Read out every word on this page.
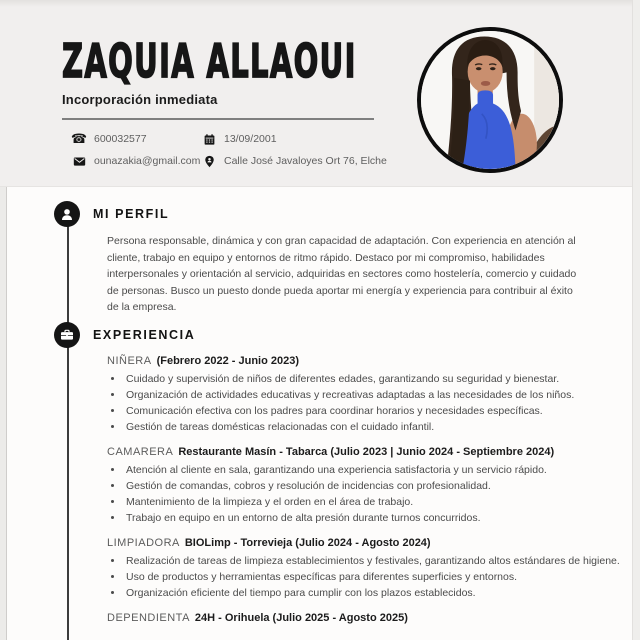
ZAQUIA ALLAOUI
Incorporación inmediata
☎ 600032577	13/09/2001
ounazakia@gmail.com Calle José Javaloyes Ort 76, Elche
MI PERFIL

Persona responsable, dinámica y con gran capacidad de adaptación. Con experiencia en atención al cliente, trabajo en equipo y entornos de ritmo rápido. Destaco por mi compromiso, habilidades interpersonales y orientación al servicio, adquiridas en sectores como hostelería, comercio y cuidado de personas. Busco un puesto donde pueda aportar mi energía y experiencia para contribuir al éxito de la empresa.

EXPERIENCIA
NIÑERA (Febrero 2022 - Junio 2023)
• Cuidado y supervisión de niños de diferentes edades, garantizando su seguridad y bienestar.
• Organización de actividades educativas y recreativas adaptadas a las necesidades de los niños.
• Comunicación efectiva con los padres para coordinar horarios y necesidades específicas.
• Gestión de tareas domésticas relacionadas con el cuidado infantil.
CAMARERA Restaurante Masín - Tabarca (Julio 2023 | Junio 2024 - Septiembre 2024)
• Atención al cliente en sala, garantizando una experiencia satisfactoria y un servicio rápido.
• Gestión de comandas, cobros y resolución de incidencias con profesionalidad.
• Mantenimiento de la limpieza y el orden en el área de trabajo.
• Trabajo en equipo en un entorno de alta presión durante turnos concurridos.
LIMPIADORA BIOLimp - Torrevieja (Julio 2024 - Agosto 2024)
• Realización de tareas de limpieza establecimientos y festivales, garantizando altos estándares de higiene.
• Uso de productos y herramientas específicas para diferentes superficies y entornos.
• Organización eficiente del tiempo para cumplir con los plazos establecidos.
DEPENDIENTA 24H - Orihuela (Julio 2025 - Agosto 2025)
